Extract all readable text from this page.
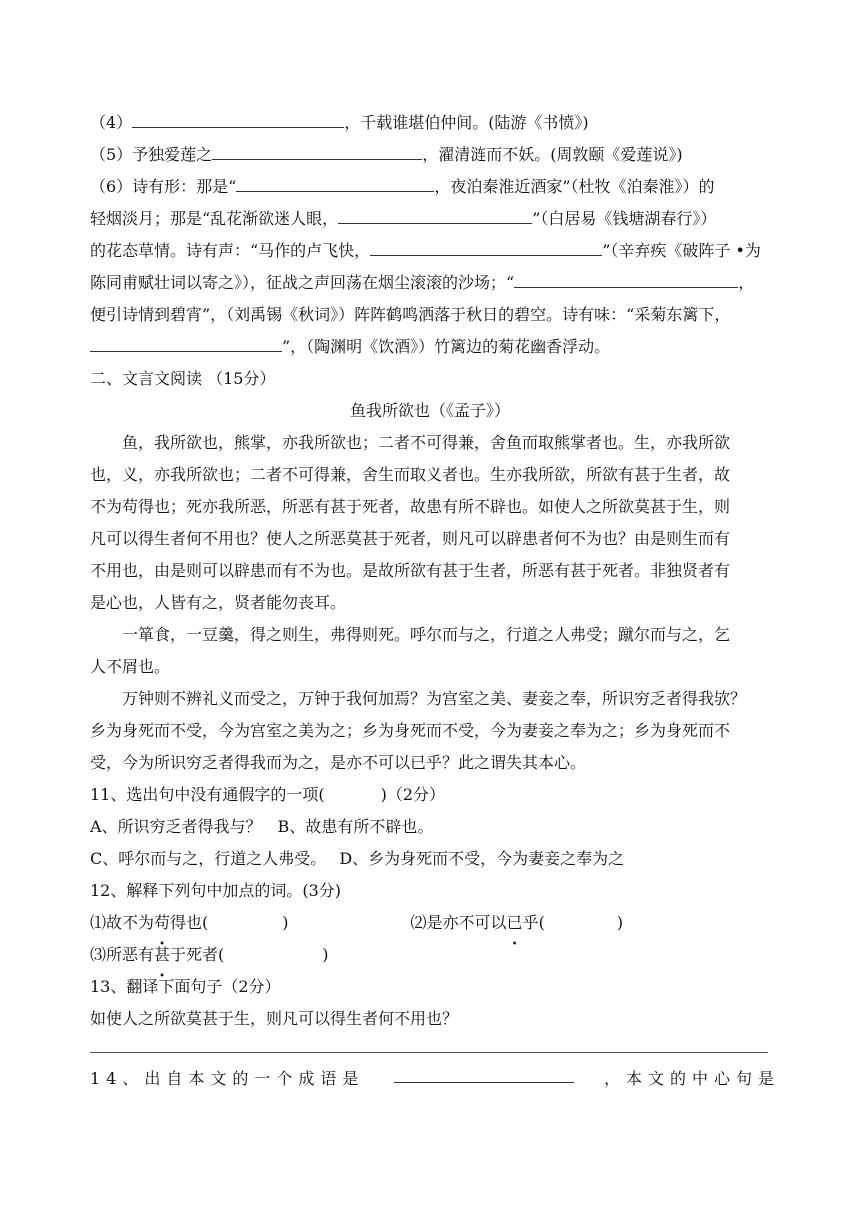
（4）	，千载谁堪伯仲间。(陆游《书愤》)
（5）予独爱莲之	，濯清涟而不妖。(周敦颐《爱莲说》)
（6）诗有形：那是“	，夜泊秦淮近酒家”（杜牧《泊秦淮》）的
轻烟淡月；那是“乱花渐欲迷人眼，	”（白居易《钱塘湖春行》）
的花态草情。诗有声：“马作的卢飞快，	”（辛弃疾《破阵子 •为
陈同甫赋壮词以寄之》），征战之声回荡在烟尘滚滚的沙场；“	，
便引诗情到碧宵”，（刘禹锡《秋词》）阵阵鹤鸣洒落于秋日的碧空。诗有味：“采菊东篱下，
”，（陶渊明《饮酒》）竹篱边的菊花幽香浮动。
二、文言文阅读 （15分）
鱼我所欲也（《孟子》）
鱼，我所欲也，熊掌，亦我所欲也；二者不可得兼，舍鱼而取熊掌者也。生，亦我所欲
也，义，亦我所欲也；二者不可得兼，舍生而取义者也。生亦我所欲，所欲有甚于生者，故
不为苟得也；死亦我所恶，所恶有甚于死者，故患有所不辟也。如使人之所欲莫甚于生，则
凡可以得生者何不用也？使人之所恶莫甚于死者，则凡可以辟患者何不为也？由是则生而有
不用也，由是则可以辟患而有不为也。是故所欲有甚于生者，所恶有甚于死者。非独贤者有
是心也，人皆有之，贤者能勿丧耳。
一箪食，一豆羹，得之则生，弗得则死。呼尔而与之，行道之人弗受；蹴尔而与之，乞
人不屑也。
万钟则不辨礼义而受之，万钟于我何加焉？为宫室之美、妻妾之奉，所识穷乏者得我欤？
乡为身死而不受，今为宫室之美为之；乡为身死而不受，今为妻妾之奉为之；乡为身死而不
受，今为所识穷乏者得我而为之，是亦不可以已乎？此之谓失其本心。
11、选出句中没有通假字的一项(	)（2分）
A、所识穷乏者得我与？　B、故患有所不辟也。
C、呼尔而与之，行道之人弗受。　 D、乡为身死而不受，今为妻妾之奉为之
12、解释下列句中加点的词。(3分)
⑴故不为苟得也(	)	⑵是亦不可以已乎(	)
⑶所恶有甚于死者(	)
13、翻译下面句子（2分）
如使人之所欲莫甚于生，则凡可以得生者何不用也？
14、出自本文的一个成语是	，本文的中心句是
